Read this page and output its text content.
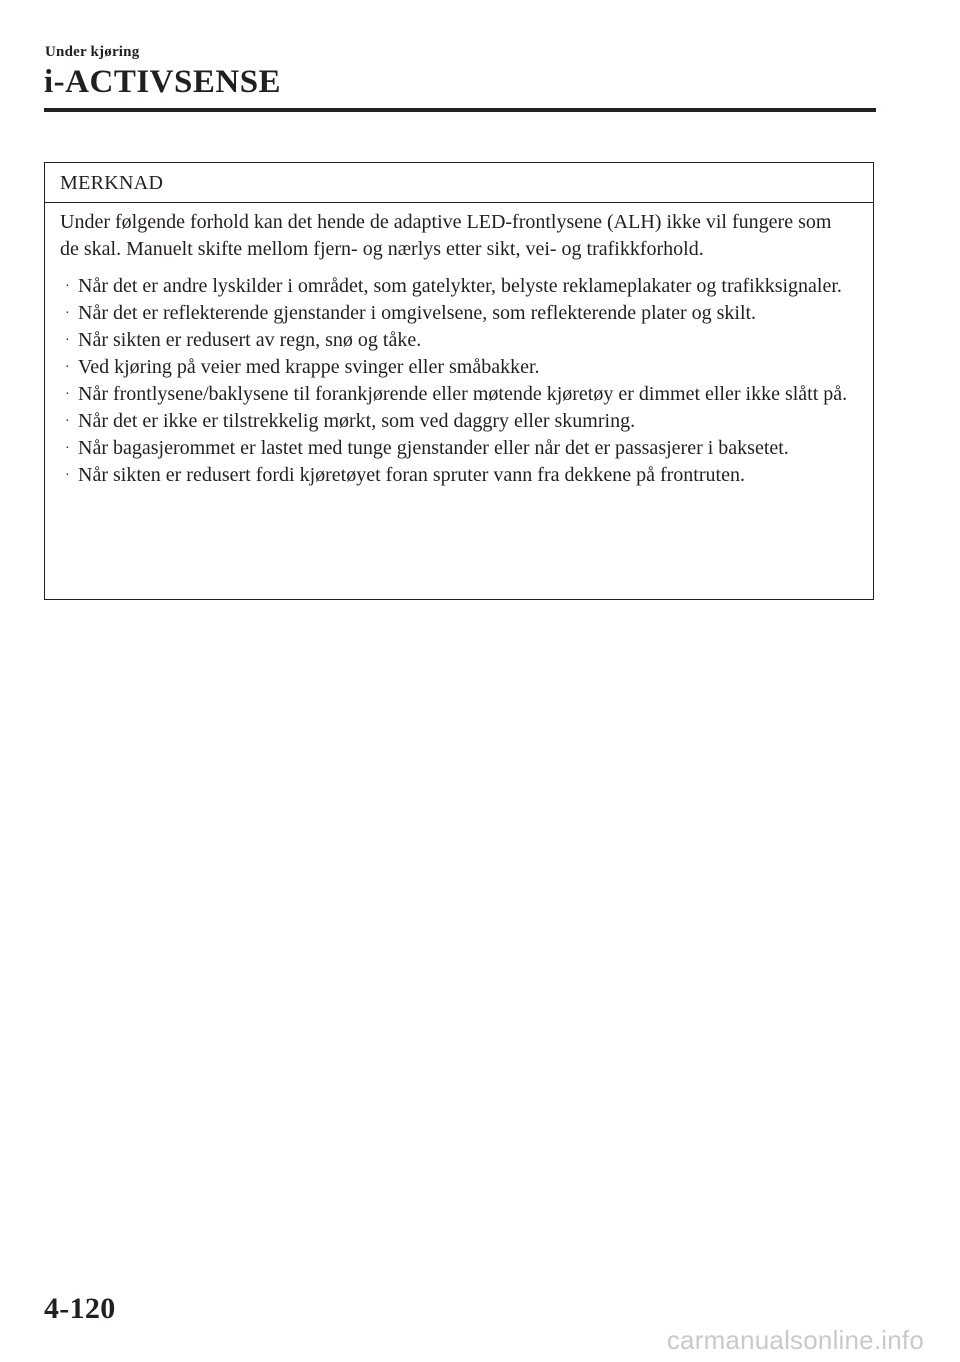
Under kjøring
i-ACTIVSENSE
MERKNAD

Under følgende forhold kan det hende de adaptive LED-frontlysene (ALH) ikke vil fungere som de skal. Manuelt skifte mellom fjern- og nærlys etter sikt, vei- og trafikkforhold.

· Når det er andre lyskilder i området, som gatelykter, belyste reklameplakater og trafikksignaler.
· Når det er reflekterende gjenstander i omgivelsene, som reflekterende plater og skilt.
· Når sikten er redusert av regn, snø og tåke.
· Ved kjøring på veier med krappe svinger eller småbakker.
· Når frontlysene/baklysene til forankjørende eller møtende kjøretøy er dimmet eller ikke slått på.
· Når det er ikke er tilstrekkelig mørkt, som ved daggry eller skumring.
· Når bagasjerommet er lastet med tunge gjenstander eller når det er passasjerer i baksetet.
· Når sikten er redusert fordi kjøretøyet foran spruter vann fra dekkene på frontruten.
4-120
carmanualsonline.info
